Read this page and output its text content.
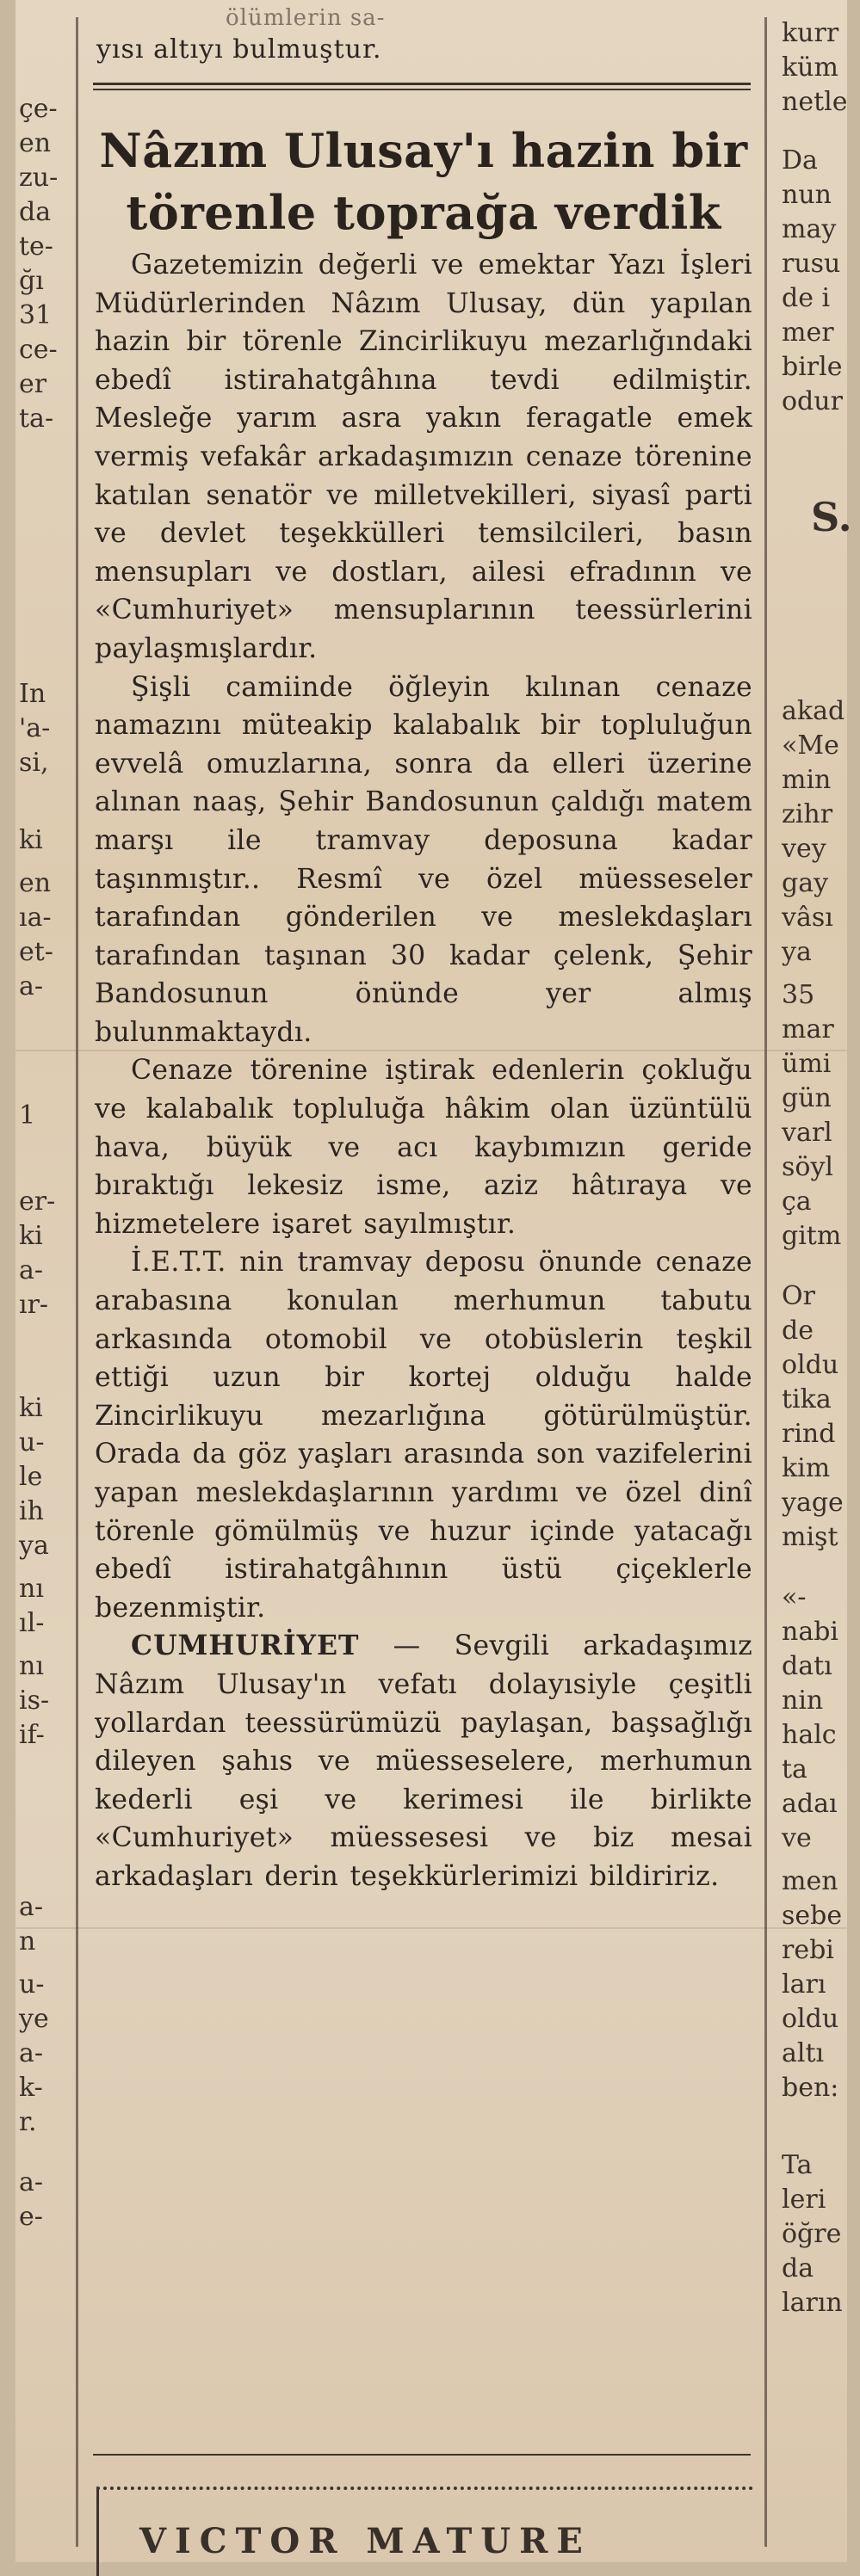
çe-
en
zu-
da
te-
ğı
31
ce-
er
ta-
In
'a-
si,
ki
en
ıa-
et-
a-
1
er-
ki
a-
ır-
ki
u-
le
ih
ya
nı
ıl-
nı
is-
if-
a-
n
u-
ye
a-
k-
r.
a-
e-
ölümlerin sa-
yısı altıyı bulmuştur.
Nâzım Ulusay'ı hazin bir
törenle toprağa verdik

Gazetemizin değerli ve emektar Yazı İşleri Müdürlerinden Nâzım Ulusay, dün yapılan hazin bir törenle Zincirlikuyu mezarlığındaki ebedî istirahatgâhına tevdi edilmiştir. Mesleğe yarım asra yakın feragatle emek vermiş vefakâr arkadaşımızın cenaze törenine katılan senatör ve milletvekilleri, siyasî parti ve devlet teşekkülleri temsilcileri, basın mensupları ve dostları, ailesi efradının ve «Cumhuriyet» mensuplarının teessürlerini paylaşmışlardır.

Şişli camiinde öğleyin kılınan cenaze namazını müteakip kalabalık bir topluluğun evvelâ omuzlarına, sonra da elleri üzerine alınan naaş, Şehir Bandosunun çaldığı matem marşı ile tramvay deposuna kadar taşınmıştır.. Resmî ve özel müesseseler tarafından gönderilen ve meslekdaşları tarafından taşınan 30 kadar çelenk, Şehir Bandosunun önünde yer almış bulunmaktaydı.

Cenaze törenine iştirak edenlerin çokluğu ve kalabalık topluluğa hâkim olan üzüntülü hava, büyük ve acı kaybımızın geride bıraktığı lekesiz isme, aziz hâtıraya ve hizmetelere işaret sayılmıştır.

İ.E.T.T. nin tramvay deposu önunde cenaze arabasına konulan merhumun tabutu arkasında otomobil ve otobüslerin teşkil ettiği uzun bir kortej olduğu halde Zincirlikuyu mezarlığına götürülmüştür. Orada da göz yaşları arasında son vazifelerini yapan meslekdaşlarının yardımı ve özel dinî törenle gömülmüş ve huzur içinde yatacağı ebedî istirahatgâhının üstü çiçeklerle bezenmiştir.

CUMHURİYET — Sevgili arkadaşımız Nâzım Ulusay'ın vefatı dolayısiyle çeşitli yollardan teessürümüzü paylaşan, başsağlığı dileyen şahıs ve müesseselere, merhumun kederli eşi ve kerimesi ile birlikte «Cumhuriyet» müessesesi ve biz mesai arkadaşları derin teşekkürlerimizi bildiririz.

VICTOR MATURE
S.
kurr
küm
netle
Da
nun
may
rusu
de i
mer
birle
odur
akad
«Me
min
zihr
vey
gay
vâsı
ya
35
mar
ümi
gün
varl
söyl
ça
gitm
Or
de
oldu
tika
rind
kim
yage
mişt
«-
nabi
datı
nin
halc
ta
adaı
ve
men
sebe
rebi
ları
oldu
altı
ben:
Ta
leri
öğre
da
ların
